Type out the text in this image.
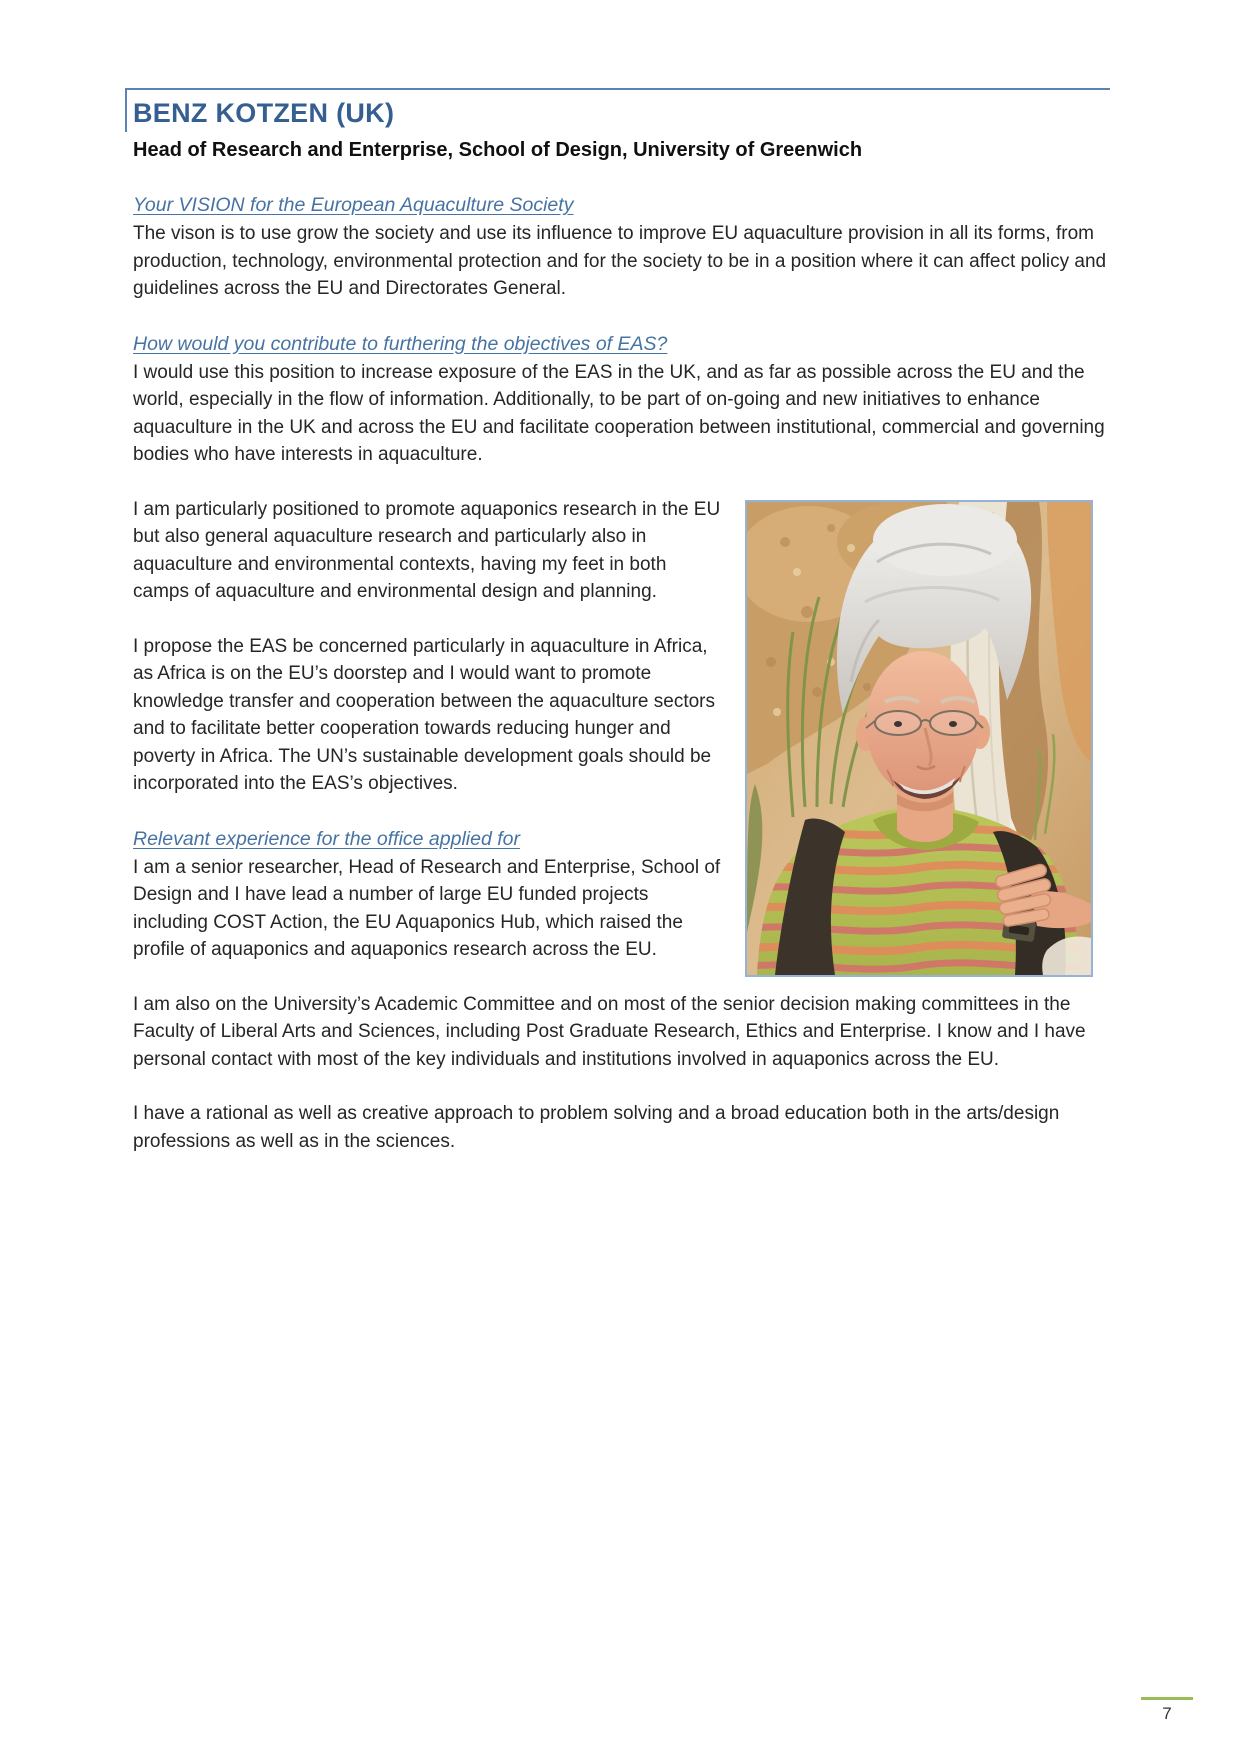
BENZ KOTZEN (UK)

Head of Research and Enterprise, School of Design, University of Greenwich

Your VISION for the European Aquaculture Society

The vison is to use grow the society and use its influence to improve EU aquaculture provision in all its forms, from production, technology, environmental protection and for the society to be in a position where it can affect policy and guidelines across the EU and Directorates General.

How would you contribute to furthering the objectives of EAS?

I would use this position to increase exposure of the EAS in the UK, and as far as possible across the EU and the world, especially in the flow of information. Additionally, to be part of on-going and new initiatives to enhance aquaculture in the UK and across the EU and facilitate cooperation between institutional, commercial and governing bodies who have interests in aquaculture.

I am particularly positioned to promote aquaponics research in the EU but also general aquaculture research and particularly also in aquaculture and environmental contexts, having my feet in both camps of aquaculture and environmental design and planning.

I propose the EAS be concerned particularly in aquaculture in Africa, as Africa is on the EU’s doorstep and I would want to promote knowledge transfer and cooperation between the aquaculture sectors and to facilitate better cooperation towards reducing hunger and poverty in Africa. The UN’s sustainable development goals should be incorporated into the EAS’s objectives.

Relevant experience for the office applied for

I am a senior researcher, Head of Research and Enterprise, School of Design and I have lead a number of large EU funded projects including COST Action, the EU Aquaponics Hub, which raised the profile of aquaponics and aquaponics research across the EU.

I am also on the University’s Academic Committee and on most of the senior decision making committees in the Faculty of Liberal Arts and Sciences, including Post Graduate Research, Ethics and Enterprise. I know and I have personal contact with most of the key individuals and institutions involved in aquaponics across the EU.

I have a rational as well as creative approach to problem solving and a broad education both in the arts/design professions as well as in the sciences.

7
